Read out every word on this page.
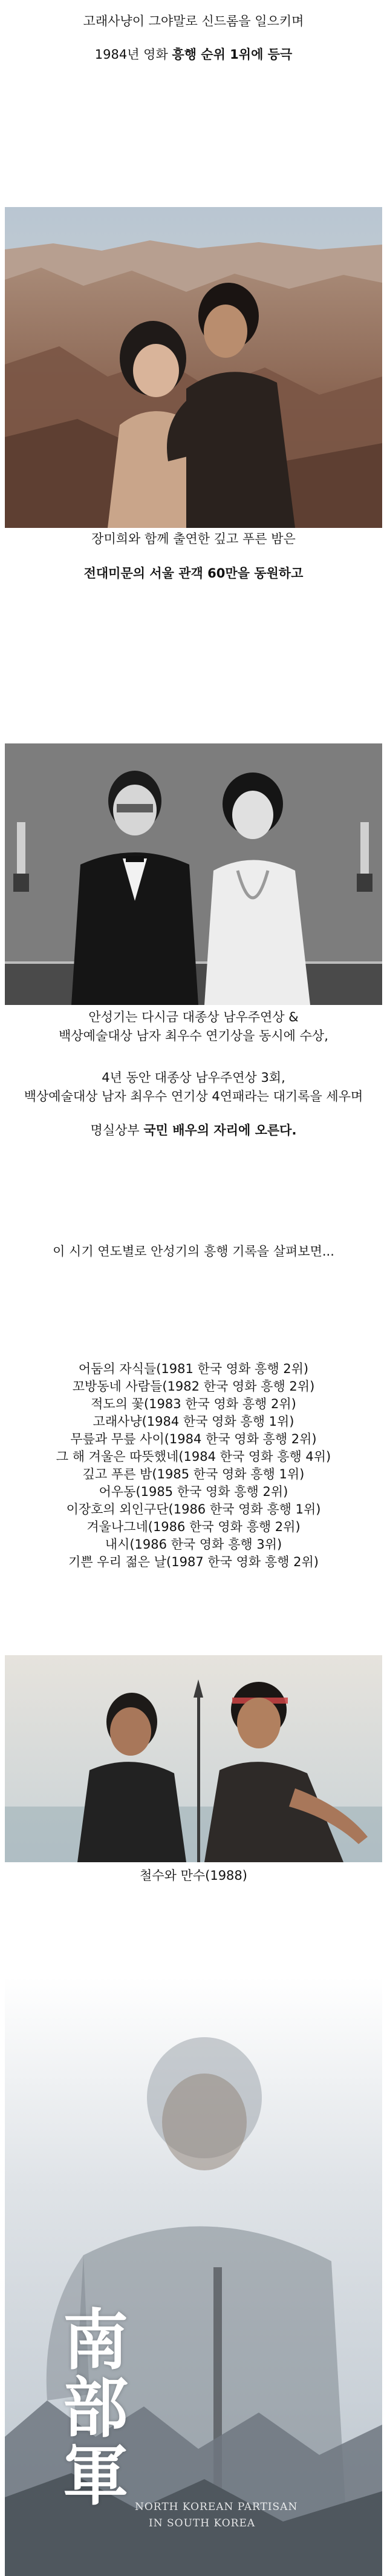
고래사냥이 그야말로 신드롬을 일으키며
1984년 영화 흥행 순위 1위에 등극
장미희와 함께 출연한 깊고 푸른 밤은
전대미문의 서울 관객 60만을 동원하고
안성기는 다시금 대종상 남우주연상 &
백상예술대상 남자 최우수 연기상을 동시에 수상,
4년 동안 대종상 남우주연상 3회,
백상예술대상 남자 최우수 연기상 4연패라는 대기록을 세우며
명실상부 국민 배우의 자리에 오른다.
이 시기 연도별로 안성기의 흥행 기록을 살펴보면...
어둠의 자식들(1981 한국 영화 흥행 2위)
꼬방동네 사람들(1982 한국 영화 흥행 2위)
적도의 꽃(1983 한국 영화 흥행 2위)
고래사냥(1984 한국 영화 흥행 1위)
무릎과 무릎 사이(1984 한국 영화 흥행 2위)
그 해 겨울은 따뜻했네(1984 한국 영화 흥행 4위)
깊고 푸른 밤(1985 한국 영화 흥행 1위)
어우동(1985 한국 영화 흥행 2위)
이장호의 외인구단(1986 한국 영화 흥행 1위)
겨울나그네(1986 한국 영화 흥행 2위)
내시(1986 한국 영화 흥행 3위)
기쁜 우리 젊은 날(1987 한국 영화 흥행 2위)
철수와 만수(1988)
南
部
軍 NORTH KOREAN PARTISAN
IN SOUTH KOREA
